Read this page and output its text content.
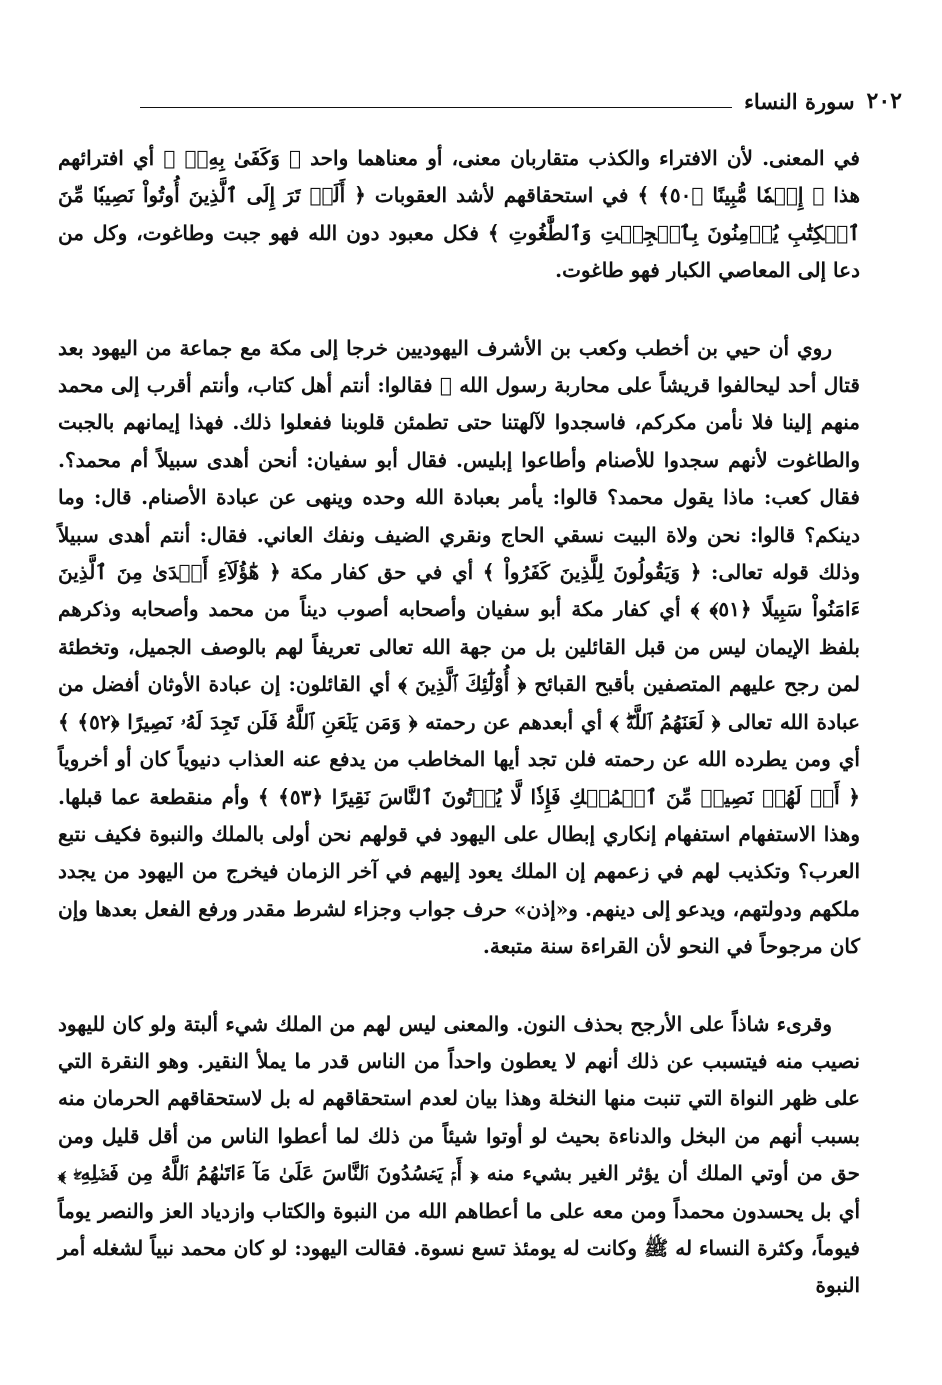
٢٠٢
سورة النساء

في المعنى. لأن الافتراء والكذب متقاربان معنى، أو معناهما واحد ﴿ وَكَفَىٰ بِهِۦٓ ﴾ أي افترائهم هذا ﴿ إِثۡمٗا مُّبِينًا ﴿٥٠﴾ ﴾ في استحقاقهم لأشد العقوبات ﴿ أَلَمۡ تَرَ إِلَى ٱلَّذِينَ أُوتُواْ نَصِيبٗا مِّنَ ٱلۡكِتَٰبِ يُؤۡمِنُونَ بِٱلۡجِبۡتِ وَٱلطَّٰغُوتِ ﴾ فكل معبود دون الله فهو جبت وطاغوت، وكل من دعا إلى المعاصي الكبار فهو طاغوت.

روي أن حيي بن أخطب وكعب بن الأشرف اليهوديين خرجا إلى مكة مع جماعة من اليهود بعد قتال أحد ليحالفوا قريشاً على محاربة رسول الله ﷺ فقالوا: أنتم أهل كتاب، وأنتم أقرب إلى محمد منهم إلينا فلا نأمن مكركم، فاسجدوا لآلهتنا حتى تطمئن قلوبنا ففعلوا ذلك. فهذا إيمانهم بالجبت والطاغوت لأنهم سجدوا للأصنام وأطاعوا إبليس. فقال أبو سفيان: أنحن أهدى سبيلاً أم محمد؟. فقال كعب: ماذا يقول محمد؟ قالوا: يأمر بعبادة الله وحده وينهى عن عبادة الأصنام. قال: وما دينكم؟ قالوا: نحن ولاة البيت نسقي الحاج ونقري الضيف ونفك العاني. فقال: أنتم أهدى سبيلاً وذلك قوله تعالى: ﴿ وَيَقُولُونَ لِلَّذِينَ كَفَرُواْ ﴾ أي في حق كفار مكة ﴿ هَٰٓؤُلَآءِ أَهۡدَىٰ مِنَ ٱلَّذِينَ ءَامَنُواْ سَبِيلًا ﴿٥١﴾ ﴾ أي كفار مكة أبو سفيان وأصحابه أصوب ديناً من محمد وأصحابه وذكرهم بلفظ الإيمان ليس من قبل القائلين بل من جهة الله تعالى تعريفاً لهم بالوصف الجميل، وتخطئة لمن رجح عليهم المتصفين بأقبح القبائح ﴿ أُوْلَٰٓئِكَ ٱلَّذِينَ ﴾ أي القائلون: إن عبادة الأوثان أفضل من عبادة الله تعالى ﴿ لَعَنَهُمُ ٱللَّهُۖ ﴾ أي أبعدهم عن رحمته ﴿ وَمَن يَلۡعَنِ ٱللَّهُ فَلَن تَجِدَ لَهُۥ نَصِيرًا ﴿٥٢﴾ ﴾ أي ومن يطرده الله عن رحمته فلن تجد أيها المخاطب من يدفع عنه العذاب دنيوياً كان أو أخروياً ﴿ أَمۡ لَهُمۡ نَصِيبٞ مِّنَ ٱلۡمُلۡكِ فَإِذٗا لَّا يُؤۡتُونَ ٱلنَّاسَ نَقِيرًا ﴿٥٣﴾ ﴾ وأم منقطعة عما قبلها. وهذا الاستفهام استفهام إنكاري إبطال على اليهود في قولهم نحن أولى بالملك والنبوة فكيف نتبع العرب؟ وتكذيب لهم في زعمهم إن الملك يعود إليهم في آخر الزمان فيخرج من اليهود من يجدد ملكهم ودولتهم، ويدعو إلى دينهم. و«إذن» حرف جواب وجزاء لشرط مقدر ورفع الفعل بعدها وإن كان مرجوحاً في النحو لأن القراءة سنة متبعة.

وقرىء شاذاً على الأرجح بحذف النون. والمعنى ليس لهم من الملك شيء ألبتة ولو كان لليهود نصيب منه فيتسبب عن ذلك أنهم لا يعطون واحداً من الناس قدر ما يملأ النقير. وهو النقرة التي على ظهر النواة التي تنبت منها النخلة وهذا بيان لعدم استحقاقهم له بل لاستحقاقهم الحرمان منه بسبب أنهم من البخل والدناءة بحيث لو أوتوا شيئاً من ذلك لما أعطوا الناس من أقل قليل ومن حق من أوتي الملك أن يؤثر الغير بشيء منه ﴿ أَمۡ يَحۡسُدُونَ ٱلنَّاسَ عَلَىٰ مَآ ءَاتَىٰهُمُ ٱللَّهُ مِن فَضۡلِهِۦۖ ﴾ أي بل يحسدون محمداً ومن معه على ما أعطاهم الله من النبوة والكتاب وازدياد العز والنصر يوماً فيوماً، وكثرة النساء له ﷺ وكانت له يومئذ تسع نسوة. فقالت اليهود: لو كان محمد نبياً لشغله أمر النبوة
